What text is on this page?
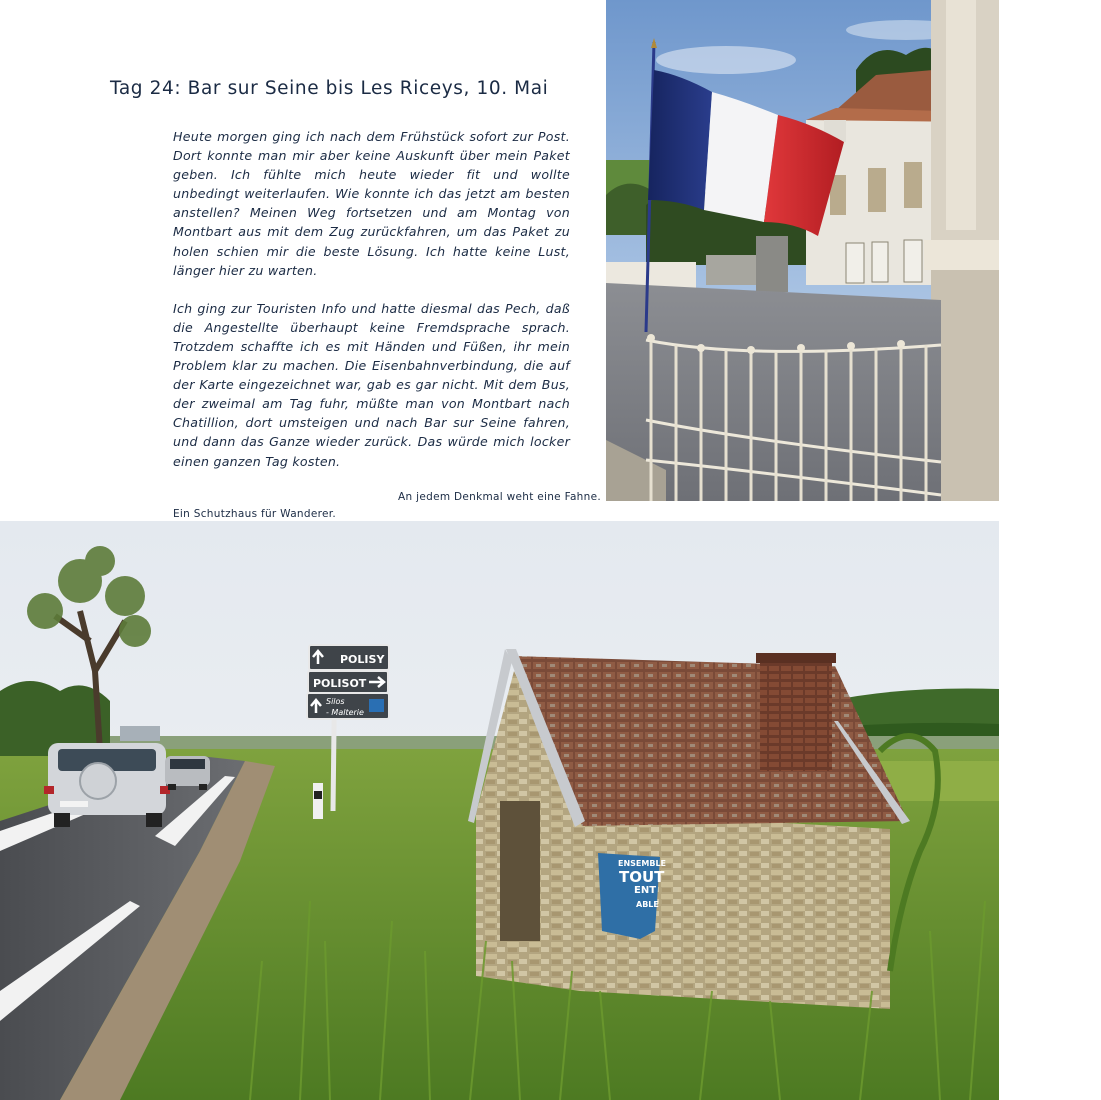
Tag 24: Bar sur Seine bis Les Riceys, 10. Mai

Heute morgen ging ich nach dem Frühstück sofort zur Post. Dort konnte man mir aber keine Auskunft über mein Paket geben. Ich fühlte mich heute wieder fit und wollte unbedingt weiterlaufen. Wie konnte ich das jetzt am besten anstellen? Meinen Weg fortsetzen und am Montag von Montbart aus mit dem Zug zurückfahren, um das Paket zu holen schien mir die beste Lösung. Ich hatte keine Lust, länger hier zu warten.

Ich ging zur Touristen Info und hatte diesmal das Pech, daß die Angestellte überhaupt keine Fremdsprache sprach. Trotzdem schaffte ich es mit Händen und Füßen, ihr mein Problem klar zu machen. Die Eisenbahnverbindung, die auf der Karte eingezeichnet war, gab es gar nicht. Mit dem Bus, der zweimal am Tag fuhr, müßte man von Montbart nach Chatillion, dort umsteigen und nach Bar sur Seine fahren, und dann das Ganze wieder zurück. Das würde mich locker einen ganzen Tag kosten.

An jedem Denkmal weht eine Fahne.
Ein Schutzhaus für Wanderer.
POLISY
POLISOT
Silos
- Malterie
ENSEMBLE
TOUT
ENT
ABLE
